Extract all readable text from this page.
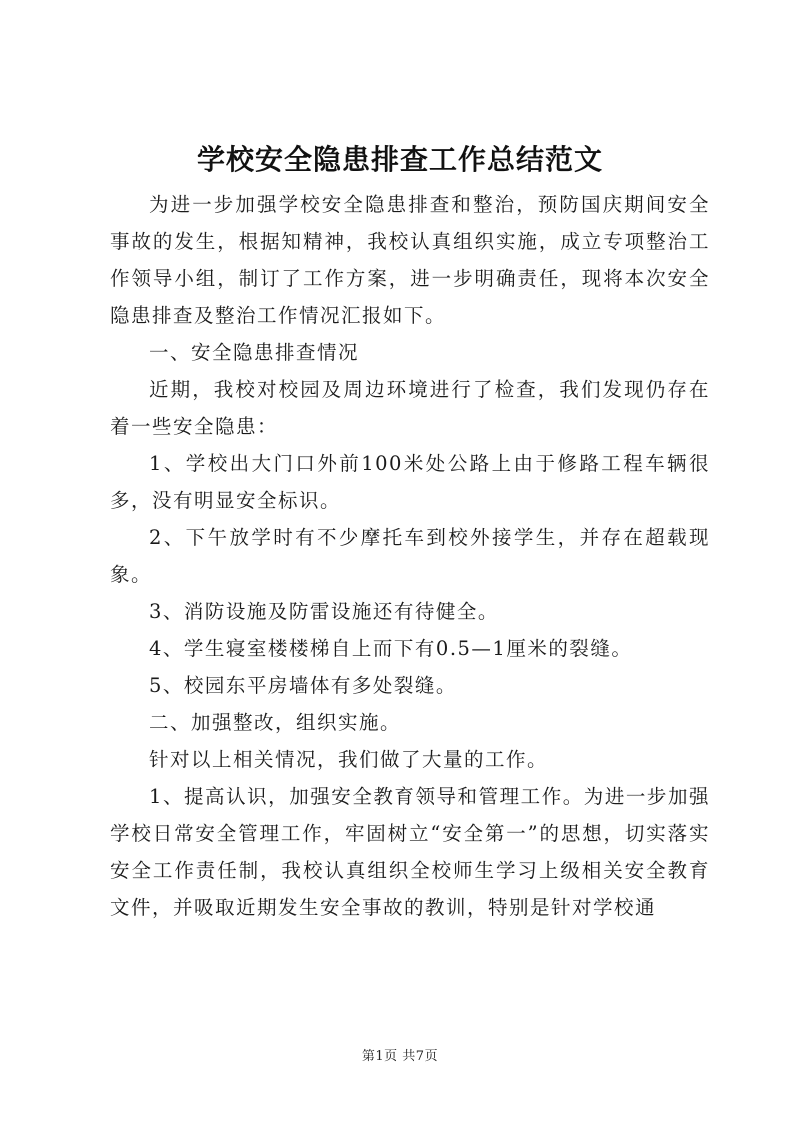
学校安全隐患排查工作总结范文

为进一步加强学校安全隐患排查和整治，预防国庆期间安全事故的发生，根据知精神，我校认真组织实施，成立专项整治工作领导小组，制订了工作方案，进一步明确责任，现将本次安全隐患排查及整治工作情况汇报如下。

一、安全隐患排查情况

近期，我校对校园及周边环境进行了检查，我们发现仍存在着一些安全隐患：

1、学校出大门口外前100米处公路上由于修路工程车辆很多，没有明显安全标识。

2、下午放学时有不少摩托车到校外接学生，并存在超载现象。

3、消防设施及防雷设施还有待健全。

4、学生寝室楼楼梯自上而下有0.5—1厘米的裂缝。

5、校园东平房墙体有多处裂缝。

二、加强整改，组织实施。

针对以上相关情况，我们做了大量的工作。

1、提高认识，加强安全教育领导和管理工作。为进一步加强学校日常安全管理工作，牢固树立“安全第一”的思想，切实落实安全工作责任制，我校认真组织全校师生学习上级相关安全教育文件，并吸取近期发生安全事故的教训，特别是针对学校通

第1页 共7页
